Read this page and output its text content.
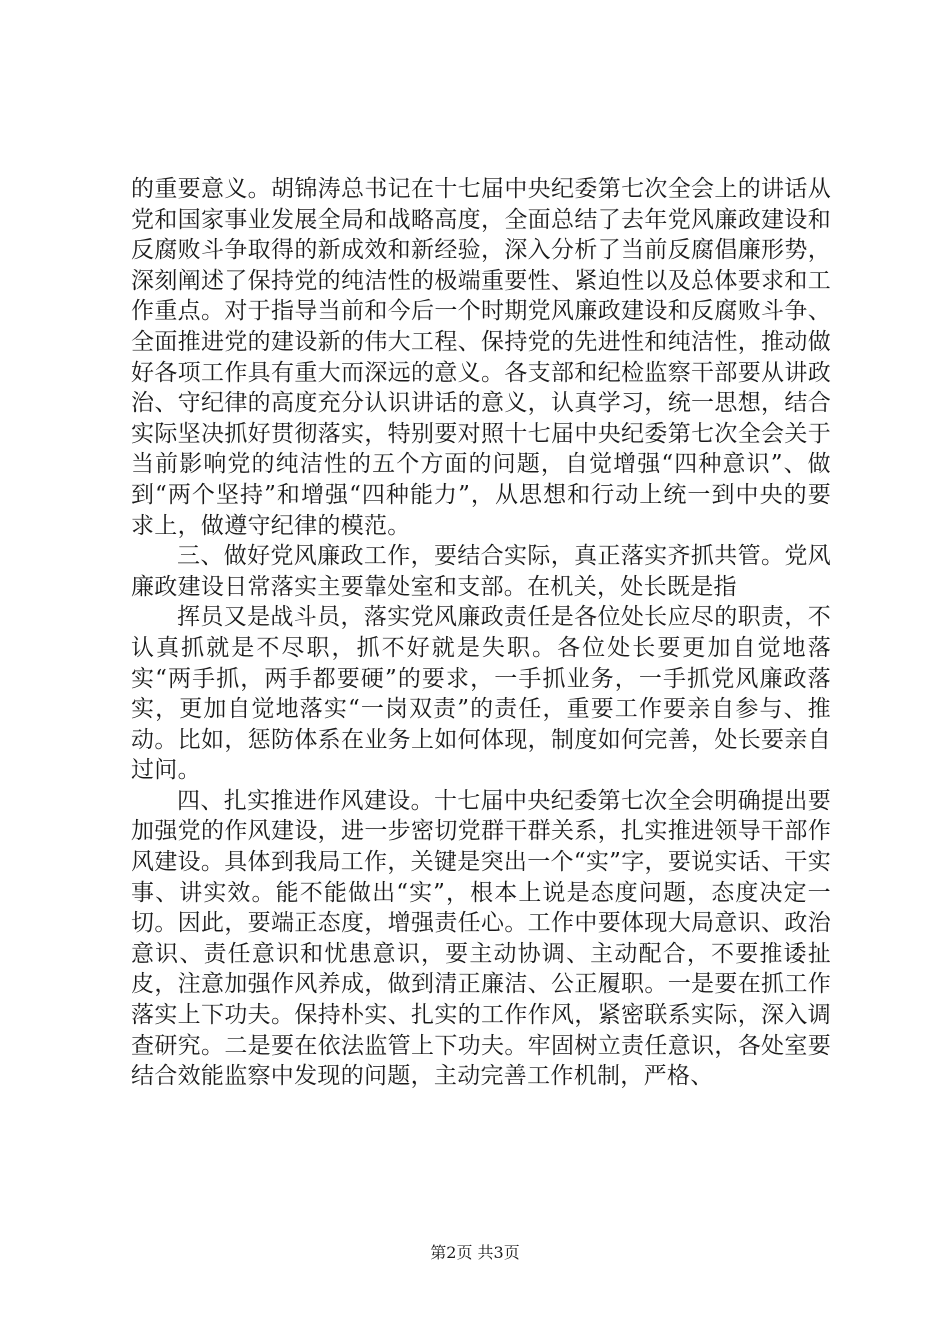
的重要意义。胡锦涛总书记在十七届中央纪委第七次全会上的讲话从党和国家事业发展全局和战略高度，全面总结了去年党风廉政建设和反腐败斗争取得的新成效和新经验，深入分析了当前反腐倡廉形势，深刻阐述了保持党的纯洁性的极端重要性、紧迫性以及总体要求和工作重点。对于指导当前和今后一个时期党风廉政建设和反腐败斗争、全面推进党的建设新的伟大工程、保持党的先进性和纯洁性，推动做好各项工作具有重大而深远的意义。各支部和纪检监察干部要从讲政治、守纪律的高度充分认识讲话的意义，认真学习，统一思想，结合实际坚决抓好贯彻落实，特别要对照十七届中央纪委第七次全会关于当前影响党的纯洁性的五个方面的问题，自觉增强“四种意识”、做到“两个坚持”和增强“四种能力”，从思想和行动上统一到中央的要求上，做遵守纪律的模范。

三、做好党风廉政工作，要结合实际，真正落实齐抓共管。党风廉政建设日常落实主要靠处室和支部。在机关，处长既是指

挥员又是战斗员，落实党风廉政责任是各位处长应尽的职责，不认真抓就是不尽职，抓不好就是失职。各位处长要更加自觉地落实“两手抓，两手都要硬”的要求，一手抓业务，一手抓党风廉政落实，更加自觉地落实“一岗双责”的责任，重要工作要亲自参与、推动。比如，惩防体系在业务上如何体现，制度如何完善，处长要亲自过问。

四、扎实推进作风建设。十七届中央纪委第七次全会明确提出要加强党的作风建设，进一步密切党群干群关系，扎实推进领导干部作风建设。具体到我局工作，关键是突出一个“实”字，要说实话、干实事、讲实效。能不能做出“实”，根本上说是态度问题，态度决定一切。因此，要端正态度，增强责任心。工作中要体现大局意识、政治意识、责任意识和忧患意识，要主动协调、主动配合，不要推诿扯皮，注意加强作风养成，做到清正廉洁、公正履职。一是要在抓工作落实上下功夫。保持朴实、扎实的工作作风，紧密联系实际，深入调查研究。二是要在依法监管上下功夫。牢固树立责任意识，各处室要结合效能监察中发现的问题，主动完善工作机制，严格、

第2页 共3页
